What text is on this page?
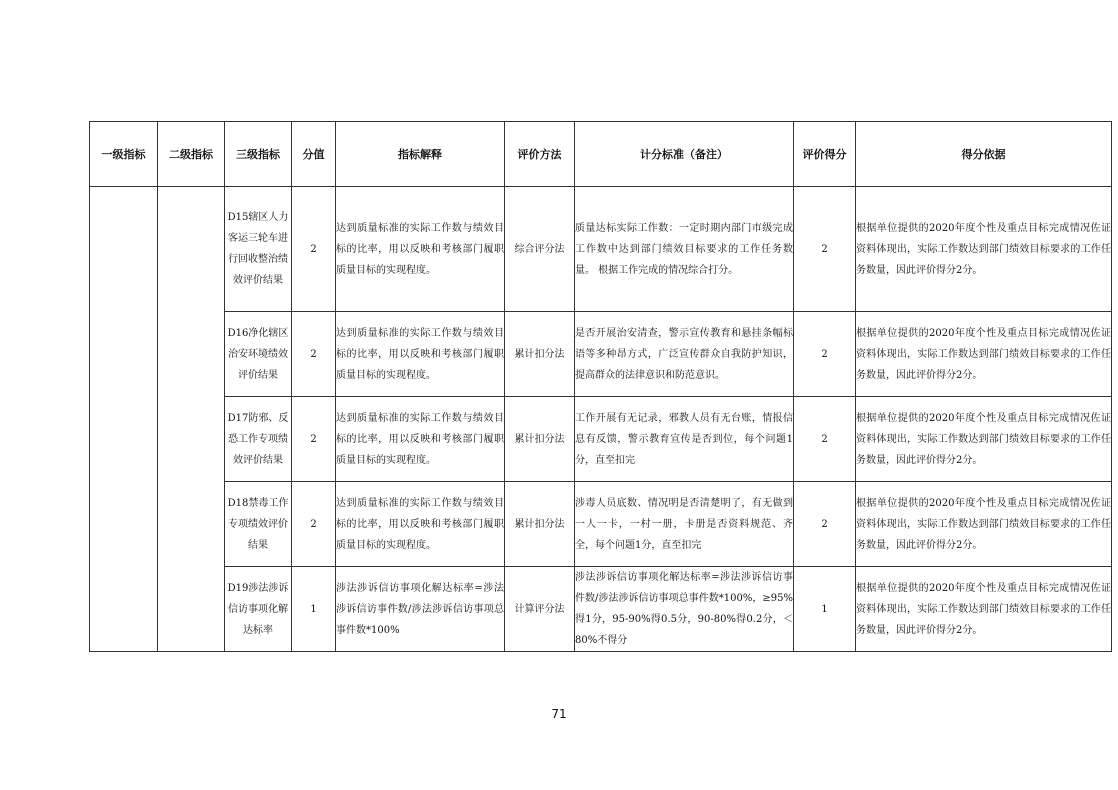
一级指标	二级指标	三级指标	分值	指标解释	评价方法	计分标准（备注）	评价得分	得分依据
		D15辖区人力客运三轮车进行回收整治绩效评价结果	2	达到质量标准的实际工作数与绩效目标的比率，用以反映和考核部门履职质量目标的实现程度。	综合评分法	质量达标实际工作数：一定时期内部门市级完成工作数中达到部门绩效目标要求的工作任务数量。 根据工作完成的情况综合打分。	2	根据单位提供的2020年度个性及重点目标完成情况佐证资料体现出，实际工作数达到部门绩效目标要求的工作任务数量，因此评价得分2分。
		D16净化辖区治安环境绩效评价结果	2	达到质量标准的实际工作数与绩效目标的比率，用以反映和考核部门履职质量目标的实现程度。	累计扣分法	是否开展治安清查，警示宣传教育和悬挂条幅标语等多种昂方式，广泛宣传群众自我防护知识，提高群众的法律意识和防范意识。	2	根据单位提供的2020年度个性及重点目标完成情况佐证资料体现出，实际工作数达到部门绩效目标要求的工作任务数量，因此评价得分2分。
		D17防邪、反恐工作专项绩效评价结果	2	达到质量标准的实际工作数与绩效目标的比率，用以反映和考核部门履职质量目标的实现程度。	累计扣分法	工作开展有无记录，邪教人员有无台账，情报信息有反馈，警示教育宣传是否到位，每个问题1分，直至扣完	2	根据单位提供的2020年度个性及重点目标完成情况佐证资料体现出，实际工作数达到部门绩效目标要求的工作任务数量，因此评价得分2分。
		D18禁毒工作专项绩效评价结果	2	达到质量标准的实际工作数与绩效目标的比率，用以反映和考核部门履职质量目标的实现程度。	累计扣分法	涉毒人员底数、情况明是否清楚明了，有无做到一人一卡，一村一册，卡册是否资料规范、齐全，每个问题1分，直至扣完	2	根据单位提供的2020年度个性及重点目标完成情况佐证资料体现出，实际工作数达到部门绩效目标要求的工作任务数量，因此评价得分2分。
		D19涉法涉诉信访事项化解达标率	1	涉法涉诉信访事项化解达标率=涉法涉诉信访事件数/涉法涉诉信访事项总事件数*100%	计算评分法	涉法涉诉信访事项化解达标率=涉法涉诉信访事件数/涉法涉诉信访事项总事件数*100%，≥95%得1分，95-90%得0.5分，90-80%得0.2分，＜80%不得分	1	根据单位提供的2020年度个性及重点目标完成情况佐证资料体现出，实际工作数达到部门绩效目标要求的工作任务数量，因此评价得分2分。
71
